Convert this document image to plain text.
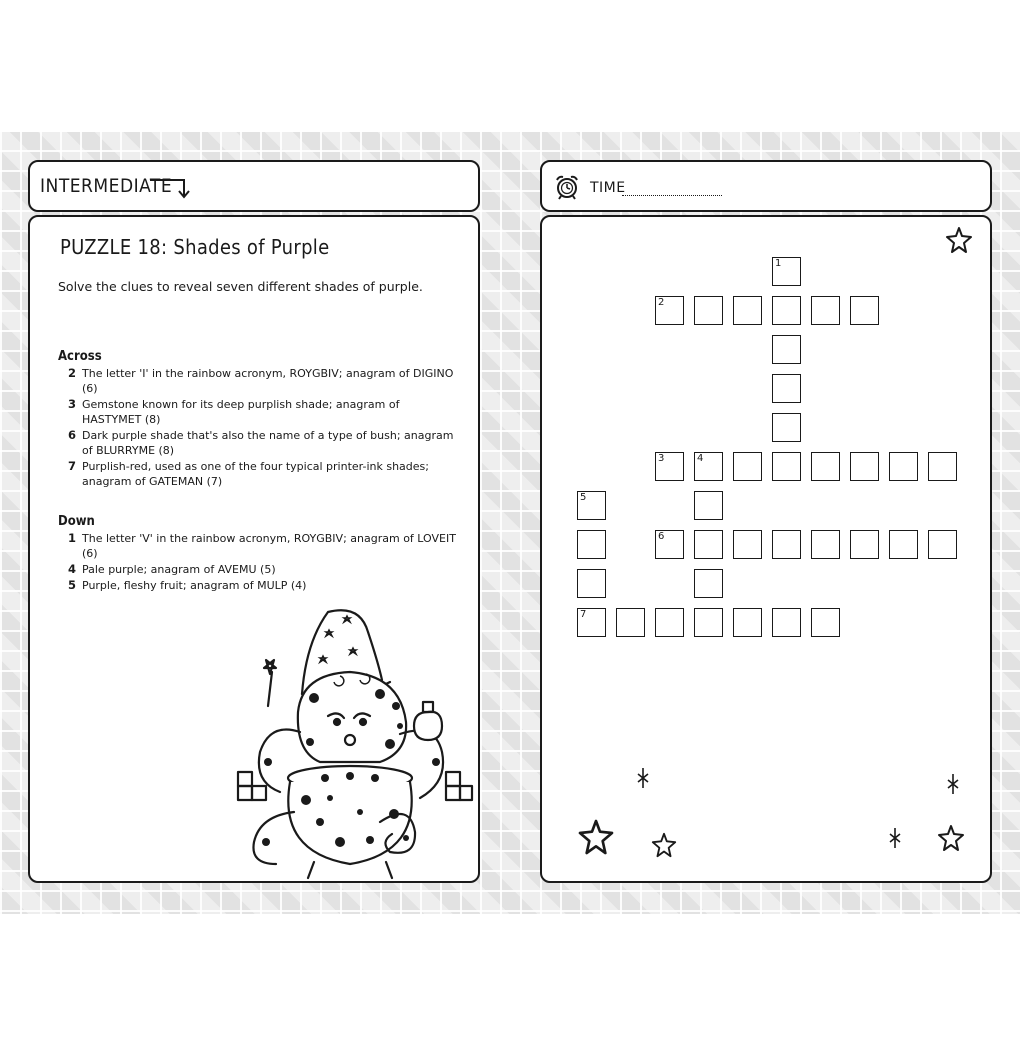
INTERMEDIATE	TIME
PUZZLE 18: Shades of Purple
Solve the clues to reveal seven different shades of purple.
Across
2 The letter 'I' in the rainbow acronym, ROYGBIV; anagram of DIGINO (6)
3 Gemstone known for its deep purplish shade; anagram of HASTYMET (8)
6 Dark purple shade that's also the name of a type of bush; anagram of BLURRYME (8)
7 Purplish-red, used as one of the four typical printer-ink shades; anagram of GATEMAN (7)
Down
1 The letter 'V' in the rainbow acronym, ROYGBIV; anagram of LOVEIT (6)
4 Pale purple; anagram of AVEMU (5)
5 Purple, fleshy fruit; anagram of MULP (4)
1
2
3	4
5
6
7
